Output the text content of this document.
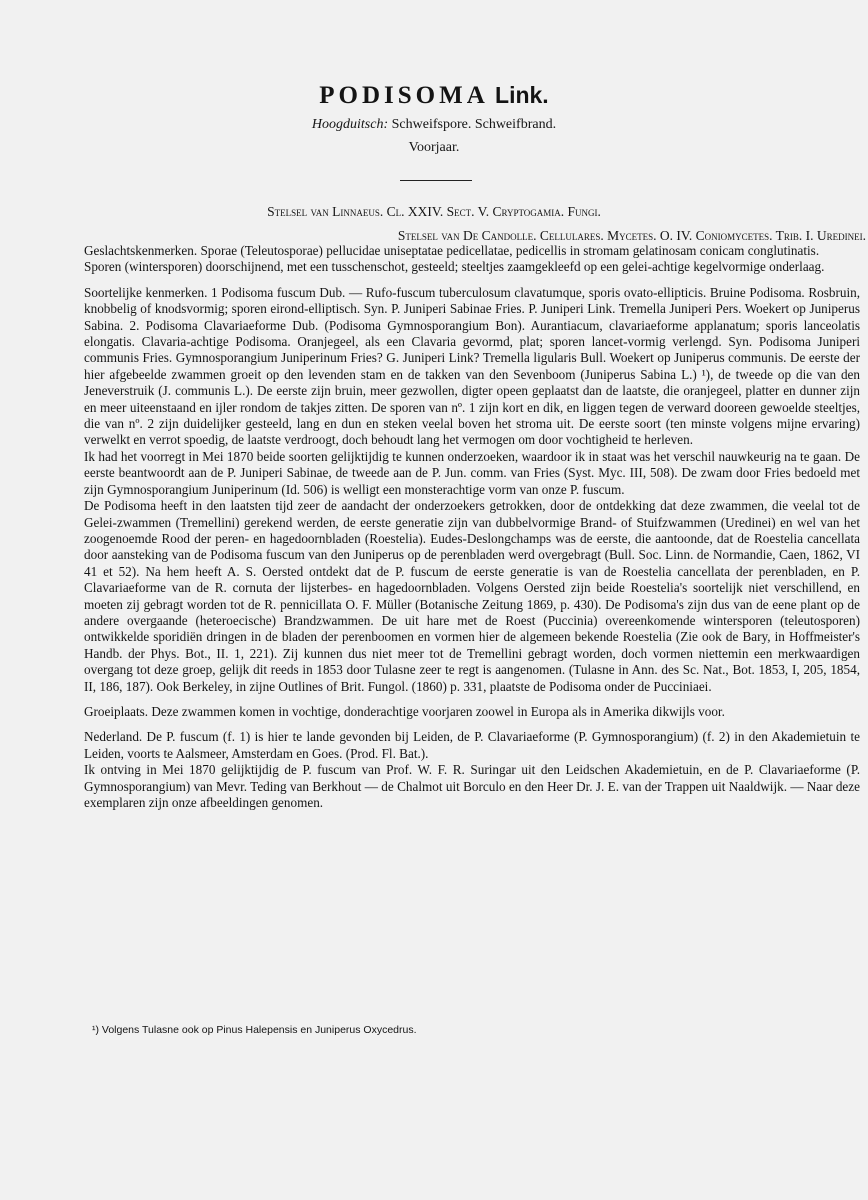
PODISOMA Link.
Hoogduitsch: Schweifspore. Schweifbrand.
Voorjaar.
Stelsel van Linnaeus. Cl. XXIV. Sect. V. Cryptogamia. Fungi.
Stelsel van De Candolle. Cellulares. Mycetes. O. IV. Coniomycetes. Trib. I. Uredinei.

Geslachtskenmerken. Sporae (Teleutosporae) pellucidae uniseptatae pedicellatae, pedicellis in stromam gelatinosam conicam conglutinatis.

Sporen (wintersporen) doorschijnend, met een tusschenschot, gesteeld; steeltjes zaamgekleefd op een gelei-achtige kegelvormige onderlaag.

Soortelijke kenmerken. 1 Podisoma fuscum Dub. — Rufo-fuscum tuberculosum clavatumque, sporis ovato-ellipticis. Bruine Podisoma. Rosbruin, knobbelig of knodsvormig; sporen eirond-elliptisch. Syn. P. Juniperi Sabinae Fries. P. Juniperi Link. Tremella Juniperi Pers. Woekert op Juniperus Sabina. 2. Podisoma Clavariaeforme Dub. (Podisoma Gymnosporangium Bon). Aurantiacum, clavariaeforme applanatum; sporis lanceolatis elongatis. Clavaria-achtige Podisoma. Oranjegeel, als een Clavaria gevormd, plat; sporen lancet-vormig verlengd. Syn. Podisoma Juniperi communis Fries. Gymnosporangium Juniperinum Fries? G. Juniperi Link? Tremella ligularis Bull. Woekert op Juniperus communis. De eerste der hier afgebeelde zwammen groeit op den levenden stam en de takken van den Sevenboom (Juniperus Sabina L.) ¹), de tweede op die van den Jeneverstruik (J. communis L.). De eerste zijn bruin, meer gezwollen, digter opeen geplaatst dan de laatste, die oranjegeel, platter en dunner zijn en meer uiteenstaand en ijler rondom de takjes zitten. De sporen van nº. 1 zijn kort en dik, en liggen tegen de verward dooreen gewoelde steeltjes, die van nº. 2 zijn duidelijker gesteeld, lang en dun en steken veelal boven het stroma uit. De eerste soort (ten minste volgens mijne ervaring) verwelkt en verrot spoedig, de laatste verdroogt, doch behoudt lang het vermogen om door vochtigheid te herleven.

Ik had het voorregt in Mei 1870 beide soorten gelijktijdig te kunnen onderzoeken, waardoor ik in staat was het verschil nauwkeurig na te gaan. De eerste beantwoordt aan de P. Juniperi Sabinae, de tweede aan de P. Jun. comm. van Fries (Syst. Myc. III, 508). De zwam door Fries bedoeld met zijn Gymnosporangium Juniperinum (Id. 506) is welligt een monsterachtige vorm van onze P. fuscum.

De Podisoma heeft in den laatsten tijd zeer de aandacht der onderzoekers getrokken, door de ontdekking dat deze zwammen, die veelal tot de Gelei-zwammen (Tremellini) gerekend werden, de eerste generatie zijn van dubbelvormige Brand- of Stuifzwammen (Uredinei) en wel van het zoogenoemde Rood der peren- en hagedoornbladen (Roestelia). Eudes-Deslongchamps was de eerste, die aantoonde, dat de Roestelia cancellata door aansteking van de Podisoma fuscum van den Juniperus op de perenbladen werd overgebragt (Bull. Soc. Linn. de Normandie, Caen, 1862, VI 41 et 52). Na hem heeft A. S. Oersted ontdekt dat de P. fuscum de eerste generatie is van de Roestelia cancellata der perenbladen, en P. Clavariaeforme van de R. cornuta der lijsterbes- en hagedoornbladen. Volgens Oersted zijn beide Roestelia's soortelijk niet verschillend, en moeten zij gebragt worden tot de R. pennicillata O. F. Müller (Botanische Zeitung 1869, p. 430). De Podisoma's zijn dus van de eene plant op de andere overgaande (heteroecische) Brandzwammen. De uit hare met de Roest (Puccinia) overeenkomende wintersporen (teleutosporen) ontwikkelde sporidiën dringen in de bladen der perenboomen en vormen hier de algemeen bekende Roestelia (Zie ook de Bary, in Hoffmeister's Handb. der Phys. Bot., II. 1, 221). Zij kunnen dus niet meer tot de Tremellini gebragt worden, doch vormen niettemin een merkwaardigen overgang tot deze groep, gelijk dit reeds in 1853 door Tulasne zeer te regt is aangenomen. (Tulasne in Ann. des Sc. Nat., Bot. 1853, I, 205, 1854, II, 186, 187). Ook Berkeley, in zijne Outlines of Brit. Fungol. (1860) p. 331, plaatste de Podisoma onder de Pucciniaei.

Groeiplaats. Deze zwammen komen in vochtige, donderachtige voorjaren zoowel in Europa als in Amerika dikwijls voor.

Nederland. De P. fuscum (f. 1) is hier te lande gevonden bij Leiden, de P. Clavariaeforme (P. Gymnosporangium) (f. 2) in den Akademietuin te Leiden, voorts te Aalsmeer, Amsterdam en Goes. (Prod. Fl. Bat.).

Ik ontving in Mei 1870 gelijktijdig de P. fuscum van Prof. W. F. R. Suringar uit den Leidschen Akademietuin, en de P. Clavariaeforme (P. Gymnosporangium) van Mevr. Teding van Berkhout — de Chalmot uit Borculo en den Heer Dr. J. E. van der Trappen uit Naaldwijk. — Naar deze exemplaren zijn onze afbeeldingen genomen.

¹) Volgens Tulasne ook op Pinus Halepensis en Juniperus Oxycedrus.
